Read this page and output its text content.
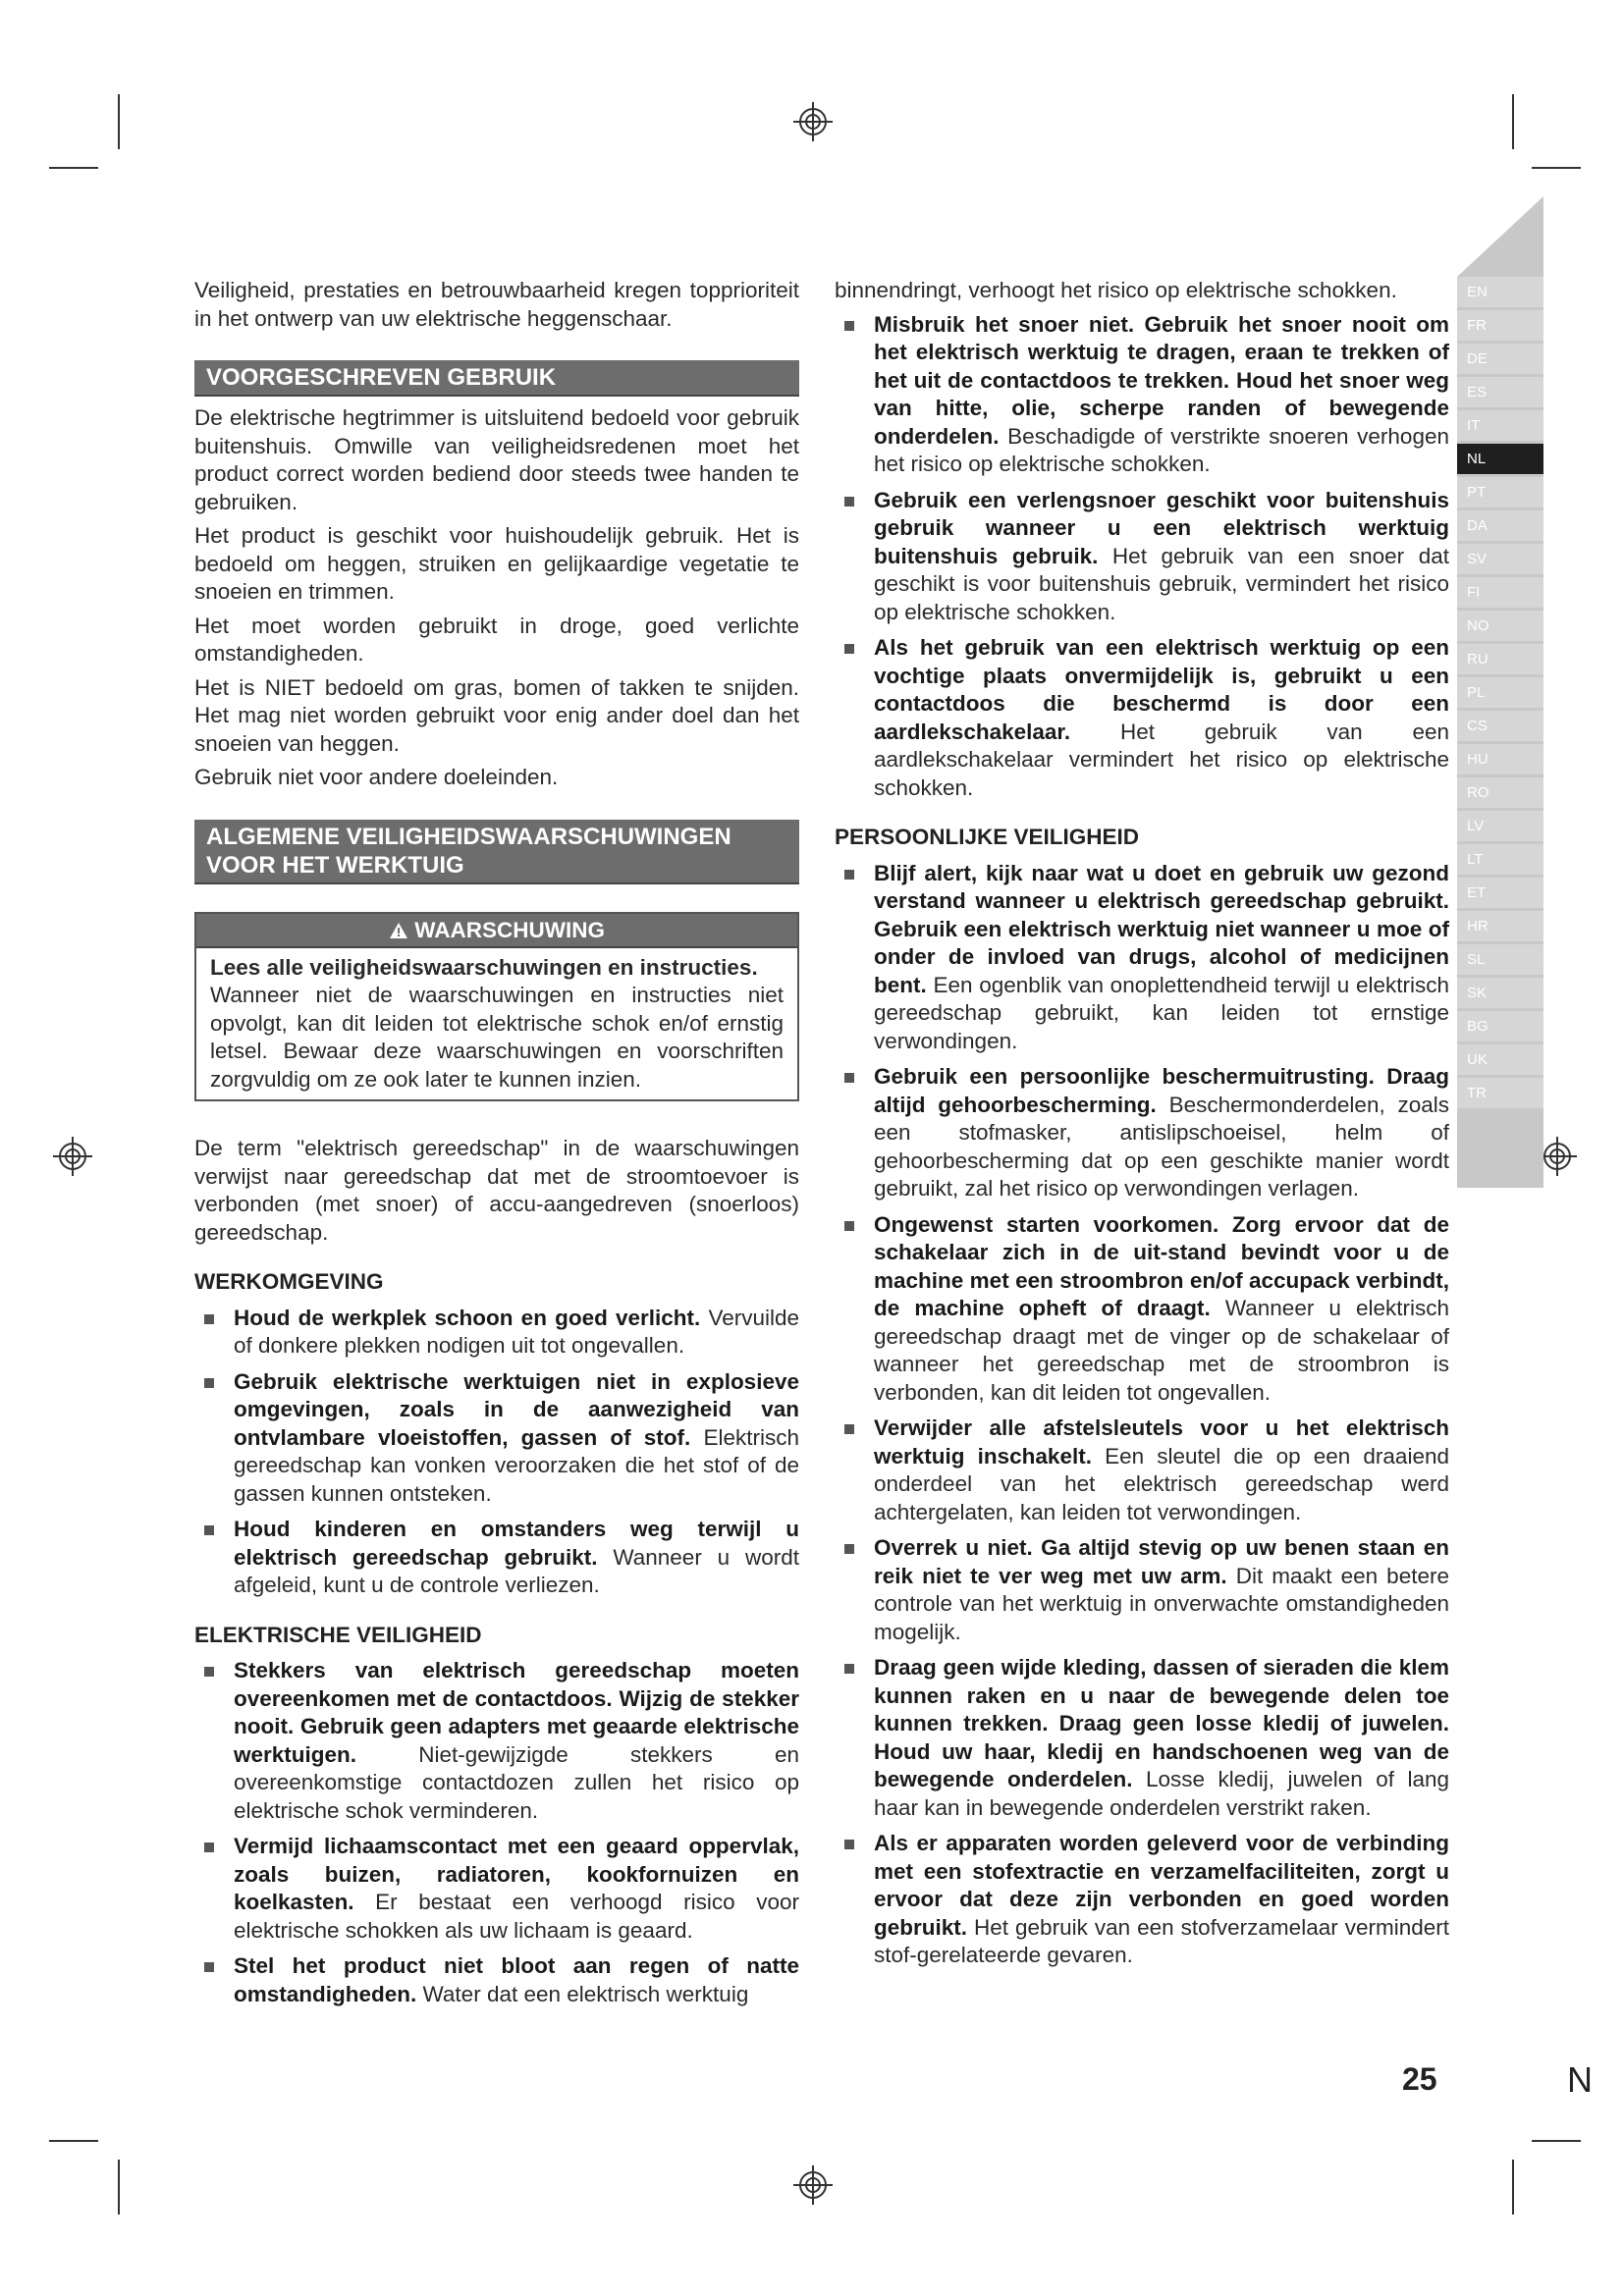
Veiligheid, prestaties en betrouwbaarheid kregen topprioriteit in het ontwerp van uw elektrische heggenschaar.

VOORGESCHREVEN GEBRUIK

De elektrische hegtrimmer is uitsluitend bedoeld voor gebruik buitenshuis. Omwille van veiligheidsredenen moet het product correct worden bediend door steeds twee handen te gebruiken.

Het product is geschikt voor huishoudelijk gebruik. Het is bedoeld om heggen, struiken en gelijkaardige vegetatie te snoeien en trimmen.

Het moet worden gebruikt in droge, goed verlichte omstandigheden.

Het is NIET bedoeld om gras, bomen of takken te snijden. Het mag niet worden gebruikt voor enig ander doel dan het snoeien van heggen.

Gebruik niet voor andere doeleinden.

ALGEMENE VEILIGHEIDSWAARSCHUWINGEN
VOOR HET WERKTUIG
WAARSCHUWING

Lees alle veiligheidswaarschuwingen en instructies.

Wanneer niet de waarschuwingen en instructies niet opvolgt, kan dit leiden tot elektrische schok en/of ernstig letsel. Bewaar deze waarschuwingen en voorschriften zorgvuldig om ze ook later te kunnen inzien.

De term "elektrisch gereedschap" in de waarschuwingen verwijst naar gereedschap dat met de stroomtoevoer is verbonden (met snoer) of accu-aangedreven (snoerloos) gereedschap.

WERKOMGEVING
Houd de werkplek schoon en goed verlicht. Vervuilde of donkere plekken nodigen uit tot ongevallen.
Gebruik elektrische werktuigen niet in explosieve omgevingen, zoals in de aanwezigheid van ontvlambare vloeistoffen, gassen of stof. Elektrisch gereedschap kan vonken veroorzaken die het stof of de gassen kunnen ontsteken.
Houd kinderen en omstanders weg terwijl u elektrisch gereedschap gebruikt. Wanneer u wordt afgeleid, kunt u de controle verliezen.
ELEKTRISCHE VEILIGHEID
Stekkers van elektrisch gereedschap moeten overeenkomen met de contactdoos. Wijzig de stekker nooit. Gebruik geen adapters met geaarde elektrische werktuigen. Niet-gewijzigde stekkers en overeenkomstige contactdozen zullen het risico op elektrische schok verminderen.
Vermijd lichaamscontact met een geaard oppervlak, zoals buizen, radiatoren, kookfornuizen en koelkasten. Er bestaat een verhoogd risico voor elektrische schokken als uw lichaam is geaard.
Stel het product niet bloot aan regen of natte omstandigheden. Water dat een elektrisch werktuig

binnendringt, verhoogt het risico op elektrische schokken.

Misbruik het snoer niet. Gebruik het snoer nooit om het elektrisch werktuig te dragen, eraan te trekken of het uit de contactdoos te trekken. Houd het snoer weg van hitte, olie, scherpe randen of bewegende onderdelen. Beschadigde of verstrikte snoeren verhogen het risico op elektrische schokken.
Gebruik een verlengsnoer geschikt voor buitenshuis gebruik wanneer u een elektrisch werktuig buitenshuis gebruik. Het gebruik van een snoer dat geschikt is voor buitenshuis gebruik, vermindert het risico op elektrische schokken.
Als het gebruik van een elektrisch werktuig op een vochtige plaats onvermijdelijk is, gebruikt u een contactdoos die beschermd is door een aardlekschakelaar. Het gebruik van een aardlekschakelaar vermindert het risico op elektrische schokken.
PERSOONLIJKE VEILIGHEID
Blijf alert, kijk naar wat u doet en gebruik uw gezond verstand wanneer u elektrisch gereedschap gebruikt. Gebruik een elektrisch werktuig niet wanneer u moe of onder de invloed van drugs, alcohol of medicijnen bent. Een ogenblik van onoplettendheid terwijl u elektrisch gereedschap gebruikt, kan leiden tot ernstige verwondingen.
Gebruik een persoonlijke beschermuitrusting. Draag altijd gehoorbescherming. Beschermonderdelen, zoals een stofmasker, antislipschoeisel, helm of gehoorbescherming dat op een geschikte manier wordt gebruikt, zal het risico op verwondingen verlagen.
Ongewenst starten voorkomen. Zorg ervoor dat de schakelaar zich in de uit-stand bevindt voor u de machine met een stroombron en/of accupack verbindt, de machine opheft of draagt. Wanneer u elektrisch gereedschap draagt met de vinger op de schakelaar of wanneer het gereedschap met de stroombron is verbonden, kan dit leiden tot ongevallen.
Verwijder alle afstelsleutels voor u het elektrisch werktuig inschakelt. Een sleutel die op een draaiend onderdeel van het elektrisch gereedschap werd achtergelaten, kan leiden tot verwondingen.
Overrek u niet. Ga altijd stevig op uw benen staan en reik niet te ver weg met uw arm. Dit maakt een betere controle van het werktuig in onverwachte omstandigheden mogelijk.
Draag geen wijde kleding, dassen of sieraden die klem kunnen raken en u naar de bewegende delen toe kunnen trekken. Draag geen losse kledij of juwelen. Houd uw haar, kledij en handschoenen weg van de bewegende onderdelen. Losse kledij, juwelen of lang haar kan in bewegende onderdelen verstrikt raken.
Als er apparaten worden geleverd voor de verbinding met een stofextractie en verzamelfaciliteiten, zorgt u ervoor dat deze zijn verbonden en goed worden gebruikt. Het gebruik van een stofverzamelaar vermindert stof-gerelateerde gevaren.
EN
FR
DE
ES
IT
NL
PT
DA
SV
FI
NO
RU
PL
CS
HU
RO
LV
LT
ET
HR
SL
SK
BG
UK
TR
25	N
